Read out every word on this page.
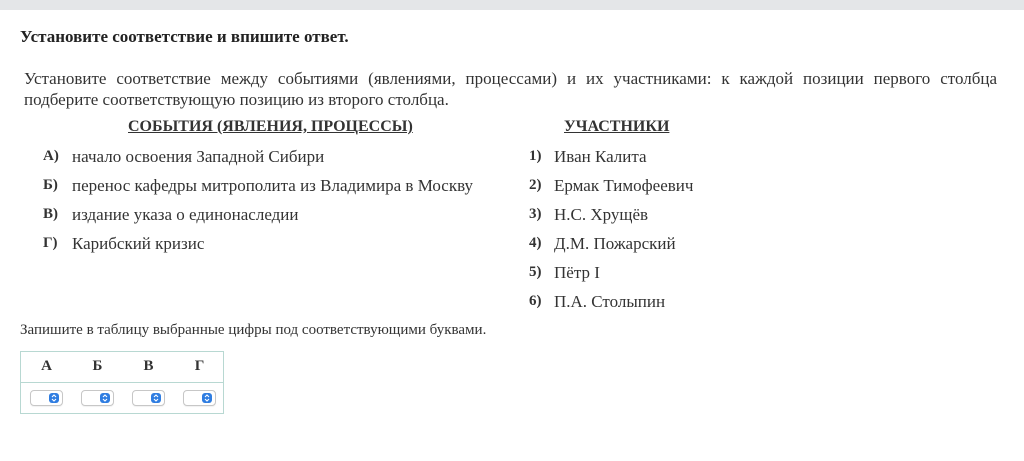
Установите соответствие и впишите ответ.
Установите соответствие между событиями (явлениями, процессами) и их участниками: к каждой позиции первого столбца подберите соответствующую позицию из второго столбца.
СОБЫТИЯ (ЯВЛЕНИЯ, ПРОЦЕССЫ)	УЧАСТНИКИ
А) начало освоения Западной Сибири
Б) перенос кафедры митрополита из Владимира в Москву
В) издание указа о единонаследии
Г) Карибский кризис
1) Иван Калита
2) Ермак Тимофеевич
3) Н.С. Хрущёв
4) Д.М. Пожарский
5) Пётр I
6) П.А. Столыпин
Запишите в таблицу выбранные цифры под соответствующими буквами.
А	Б	В	Г
